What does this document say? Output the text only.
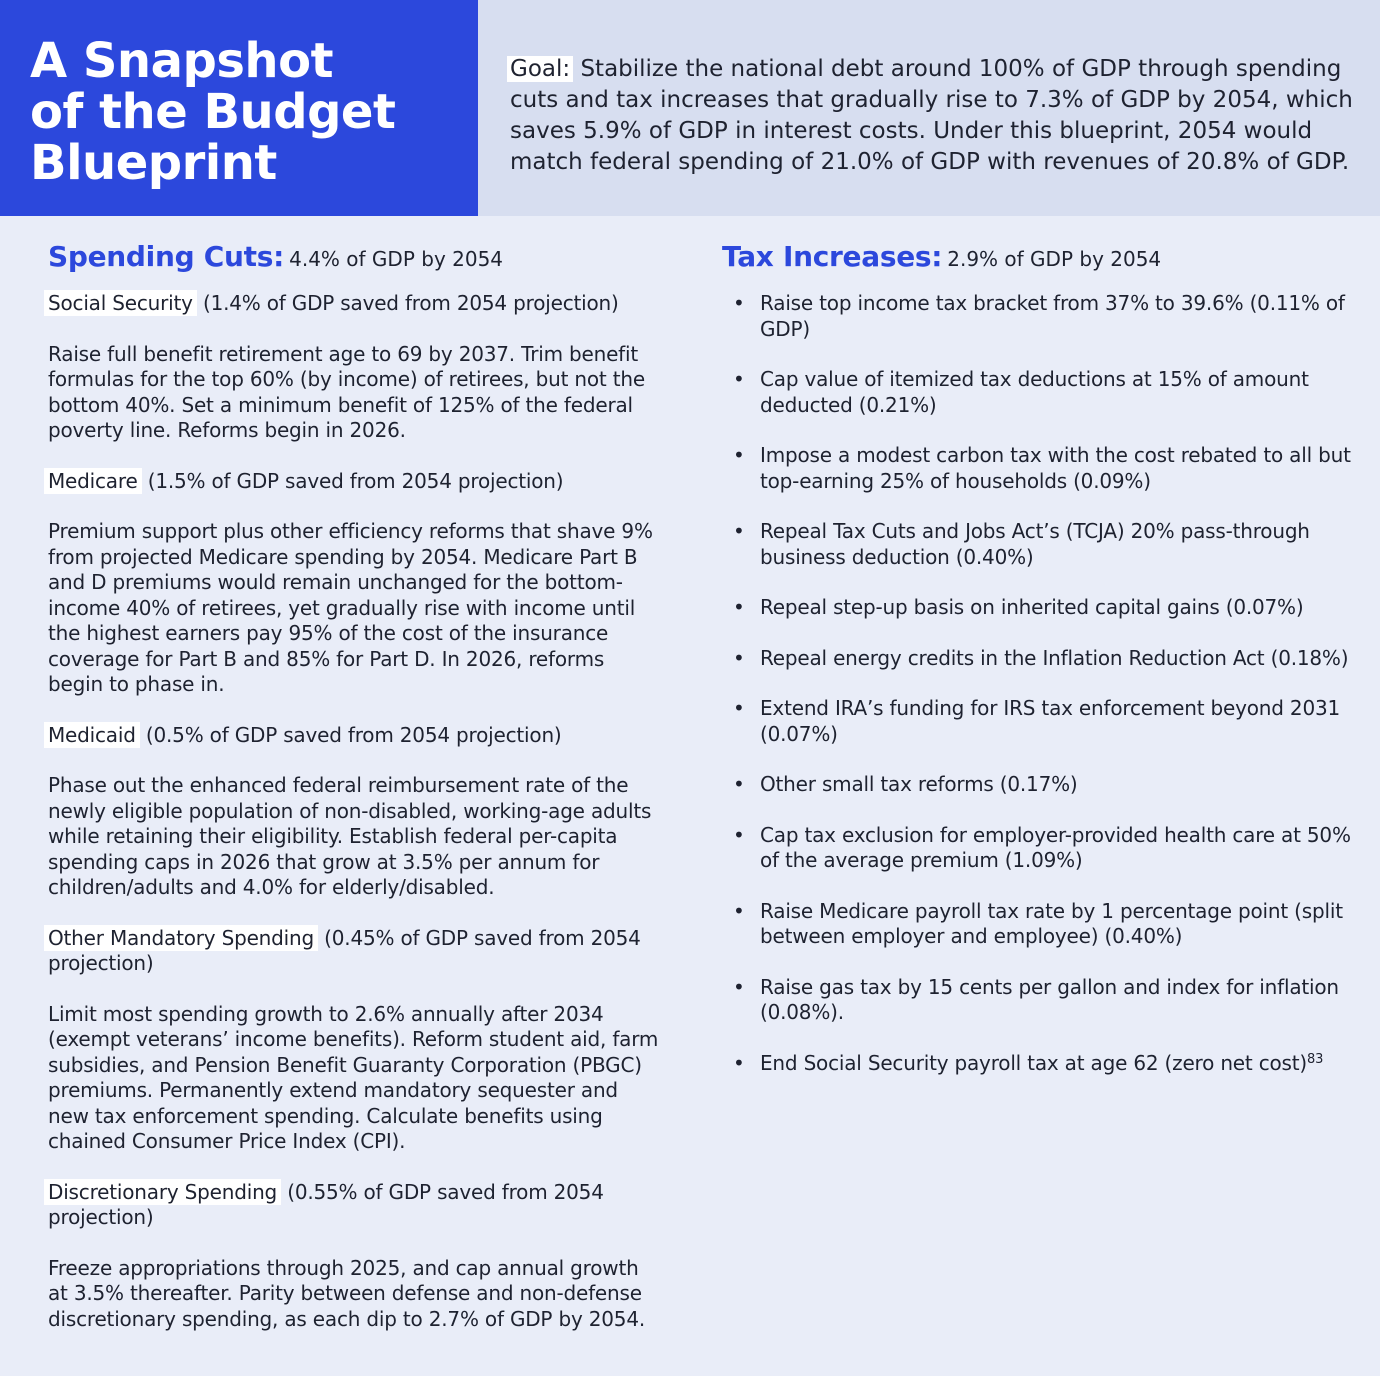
A Snapshot
of the Budget
Blueprint
Goal: Stabilize the national debt around 100% of GDP through spending cuts and tax increases that gradually rise to 7.3% of GDP by 2054, which saves 5.9% of GDP in interest costs. Under this blueprint, 2054 would match federal spending of 21.0% of GDP with revenues of 20.8% of GDP.
Spending Cuts: 4.4% of GDP by 2054

Social Security (1.4% of GDP saved from 2054 projection)

Raise full benefit retirement age to 69 by 2037. Trim benefit formulas for the top 60% (by income) of retirees, but not the bottom 40%. Set a minimum benefit of 125% of the federal poverty line. Reforms begin in 2026.

Medicare (1.5% of GDP saved from 2054 projection)

Premium support plus other efficiency reforms that shave 9% from projected Medicare spending by 2054. Medicare Part B and D premiums would remain unchanged for the bottom-income 40% of retirees, yet gradually rise with income until the highest earners pay 95% of the cost of the insurance coverage for Part B and 85% for Part D. In 2026, reforms begin to phase in.

Medicaid (0.5% of GDP saved from 2054 projection)

Phase out the enhanced federal reimbursement rate of the newly eligible population of non-disabled, working-age adults while retaining their eligibility. Establish federal per-capita spending caps in 2026 that grow at 3.5% per annum for children/adults and 4.0% for elderly/disabled.

Other Mandatory Spending (0.45% of GDP saved from 2054 projection)

Limit most spending growth to 2.6% annually after 2034 (exempt veterans’ income benefits). Reform student aid, farm subsidies, and Pension Benefit Guaranty Corporation (PBGC) premiums. Permanently extend mandatory sequester and new tax enforcement spending. Calculate benefits using chained Consumer Price Index (CPI).

Discretionary Spending (0.55% of GDP saved from 2054 projection)

Freeze appropriations through 2025, and cap annual growth at 3.5% thereafter. Parity between defense and non-defense discretionary spending, as each dip to 2.7% of GDP by 2054.

Tax Increases: 2.9% of GDP by 2054
• Raise top income tax bracket from 37% to 39.6% (0.11% of GDP)
• Cap value of itemized tax deductions at 15% of amount deducted (0.21%)
• Impose a modest carbon tax with the cost rebated to all but top-earning 25% of households (0.09%)
• Repeal Tax Cuts and Jobs Act’s (TCJA) 20% pass-through business deduction (0.40%)
• Repeal step-up basis on inherited capital gains (0.07%)
• Repeal energy credits in the Inflation Reduction Act (0.18%)
• Extend IRA’s funding for IRS tax enforcement beyond 2031 (0.07%)
• Other small tax reforms (0.17%)
• Cap tax exclusion for employer-provided health care at 50% of the average premium (1.09%)
• Raise Medicare payroll tax rate by 1 percentage point (split between employer and employee) (0.40%)
• Raise gas tax by 15 cents per gallon and index for inflation (0.08%).
• End Social Security payroll tax at age 62 (zero net cost)$^{83}$
